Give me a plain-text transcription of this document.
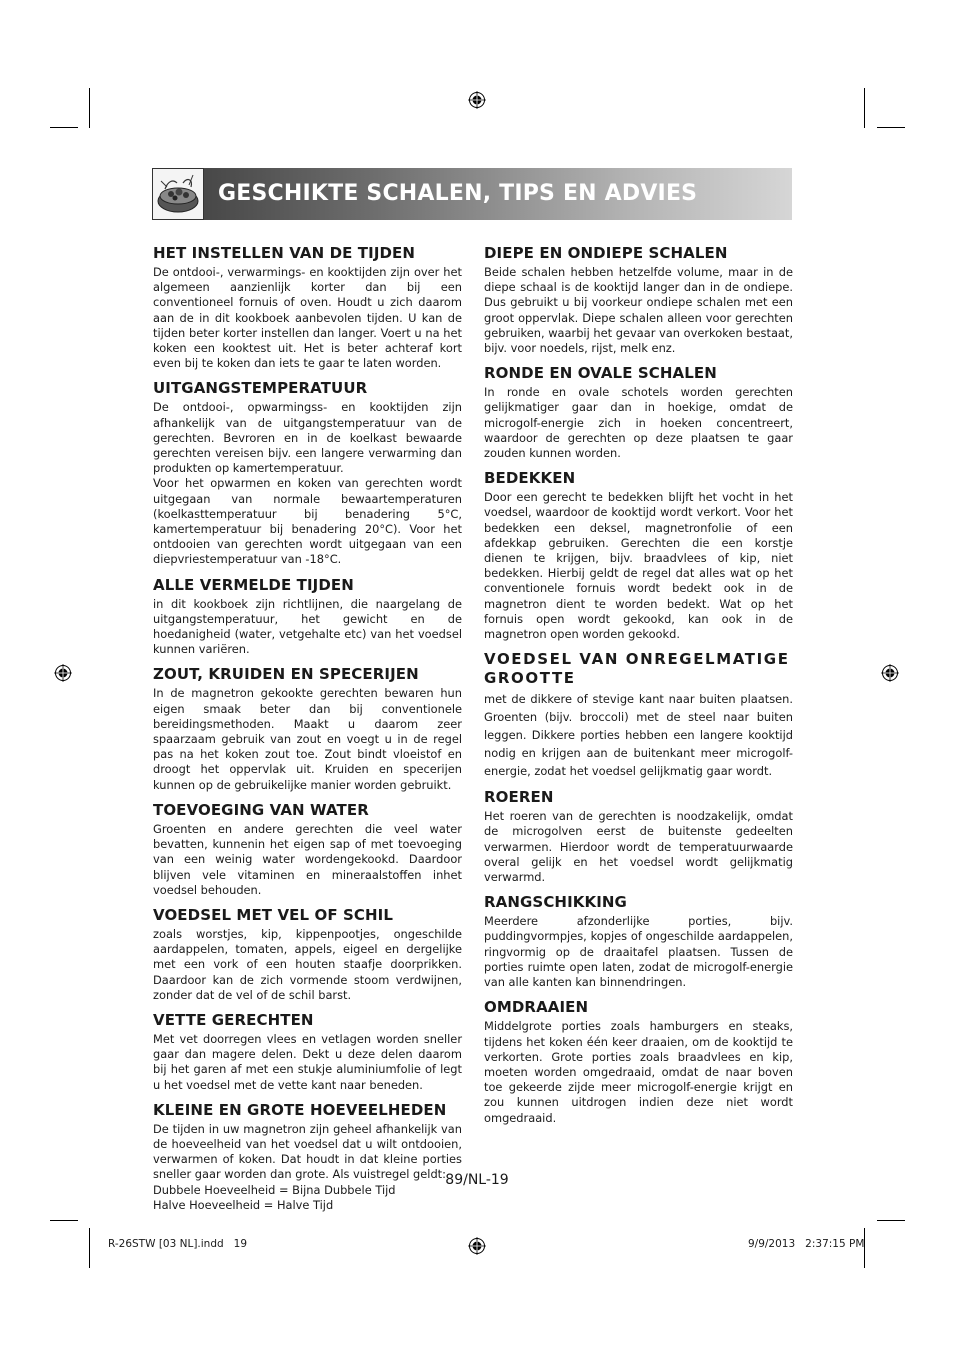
GESCHIKTE SCHALEN, TIPS EN ADVIES
HET INSTELLEN VAN DE TIJDEN

De ontdooi-, verwarmings- en kooktijden zijn over het algemeen aanzienlijk korter dan bij een conventioneel fornuis of oven. Houdt u zich daarom aan de in dit kookboek aanbevolen tijden. U kan de tijden beter korter instellen dan langer. Voert u na het koken een kooktest uit. Het is beter achteraf kort even bij te koken dan iets te gaar te laten worden.

UITGANGSTEMPERATUUR

De ontdooi-, opwarmingss- en kooktijden zijn afhankelijk van de uitgangstemperatuur van de gerechten. Bevroren en in de koelkast bewaarde gerechten vereisen bijv. een langere verwarming dan produkten op kamertemperatuur.

Voor het opwarmen en koken van gerechten wordt uitgegaan van normale bewaartemperaturen (koelkasttemperatuur bij benadering 5°C, kamertemperatuur bij benadering 20°C). Voor het ontdooien van gerechten wordt uitgegaan van een diepvriestemperatuur van -18°C.

ALLE VERMELDE TIJDEN

in dit kookboek zijn richtlijnen, die naargelang de uitgangstemperatuur, het gewicht en de hoedanigheid (water, vetgehalte etc) van het voedsel kunnen variëren.

ZOUT, KRUIDEN EN SPECERIJEN

In de magnetron gekookte gerechten bewaren hun eigen smaak beter dan bij conventionele bereidingsmethoden. Maakt u daarom zeer spaarzaam gebruik van zout en voegt u in de regel pas na het koken zout toe. Zout bindt vloeistof en droogt het oppervlak uit. Kruiden en specerijen kunnen op de gebruikelijke manier worden gebruikt.

TOEVOEGING VAN WATER

Groenten en andere gerechten die veel water bevatten, kunnenin het eigen sap of met toevoeging van een weinig water wordengekookd. Daardoor blijven vele vitaminen en mineraalstoffen inhet voedsel behouden.

VOEDSEL MET VEL OF SCHIL

zoals worstjes, kip, kippenpootjes, ongeschilde aardappelen, tomaten, appels, eigeel en dergelijke met een vork of een houten staafje doorprikken. Daardoor kan de zich vormende stoom verdwijnen, zonder dat de vel of de schil barst.

VETTE GERECHTEN

Met vet doorregen vlees en vetlagen worden sneller gaar dan magere delen. Dekt u deze delen daarom bij het garen af met een stukje aluminiumfolie of legt u het voedsel met de vette kant naar beneden.

KLEINE EN GROTE HOEVEELHEDEN

De tijden in uw magnetron zijn geheel afhankelijk van de hoeveelheid van het voedsel dat u wilt ontdooien, verwarmen of koken. Dat houdt in dat kleine porties sneller gaar worden dan grote. Als vuistregel geldt:

Dubbele Hoeveelheid = Bijna Dubbele Tijd

Halve Hoeveelheid = Halve Tijd

DIEPE EN ONDIEPE SCHALEN

Beide schalen hebben hetzelfde volume, maar in de diepe schaal is de kooktijd langer dan in de ondiepe. Dus gebruikt u bij voorkeur ondiepe schalen met een groot oppervlak. Diepe schalen alleen voor gerechten gebruiken, waarbij het gevaar van overkoken bestaat, bijv. voor noedels, rijst, melk enz.

RONDE EN OVALE SCHALEN

In ronde en ovale schotels worden gerechten gelijkmatiger gaar dan in hoekige, omdat de microgolf-energie zich in hoeken concentreert, waardoor de gerechten op deze plaatsen te gaar zouden kunnen worden.

BEDEKKEN

Door een gerecht te bedekken blijft het vocht in het voedsel, waardoor de kooktijd wordt verkort. Voor het bedekken een deksel, magnetronfolie of een afdekkap gebruiken. Gerechten die een korstje dienen te krijgen, bijv. braadvlees of kip, niet bedekken. Hierbij geldt de regel dat alles wat op het conventionele fornuis wordt bedekt ook in de magnetron dient te worden bedekt. Wat op het fornuis open wordt gekookd, kan ook in de magnetron open worden gekookd.

VOEDSEL VAN ONREGELMATIGE GROOTTE

met de dikkere of stevige kant naar buiten plaatsen. Groenten (bijv. broccoli) met de steel naar buiten leggen. Dikkere porties hebben een langere kooktijd nodig en krijgen aan de buitenkant meer microgolf-energie, zodat het voedsel gelijkmatig gaar wordt.

ROEREN

Het roeren van de gerechten is noodzakelijk, omdat de microgolven eerst de buitenste gedeelten verwarmen. Hierdoor wordt de temperatuurwaarde overal gelijk en het voedsel wordt gelijkmatig verwarmd.

RANGSCHIKKING

Meerdere afzonderlijke porties, bijv. puddingvormpjes, kopjes of ongeschilde aardappelen, ringvormig op de draaitafel plaatsen. Tussen de porties ruimte open laten, zodat de microgolf-energie van alle kanten kan binnendringen.

OMDRAAIEN

Middelgrote porties zoals hamburgers en steaks, tijdens het koken één keer draaien, om de kooktijd te verkorten. Grote porties zoals braadvlees en kip, moeten worden omgedraaid, omdat de naar boven toe gekeerde zijde meer microgolf-energie krijgt en zou kunnen uitdrogen indien deze niet wordt omgedraaid.

89/NL-19
R-26STW [03 NL].indd   19	9/9/2013   2:37:15 PM
